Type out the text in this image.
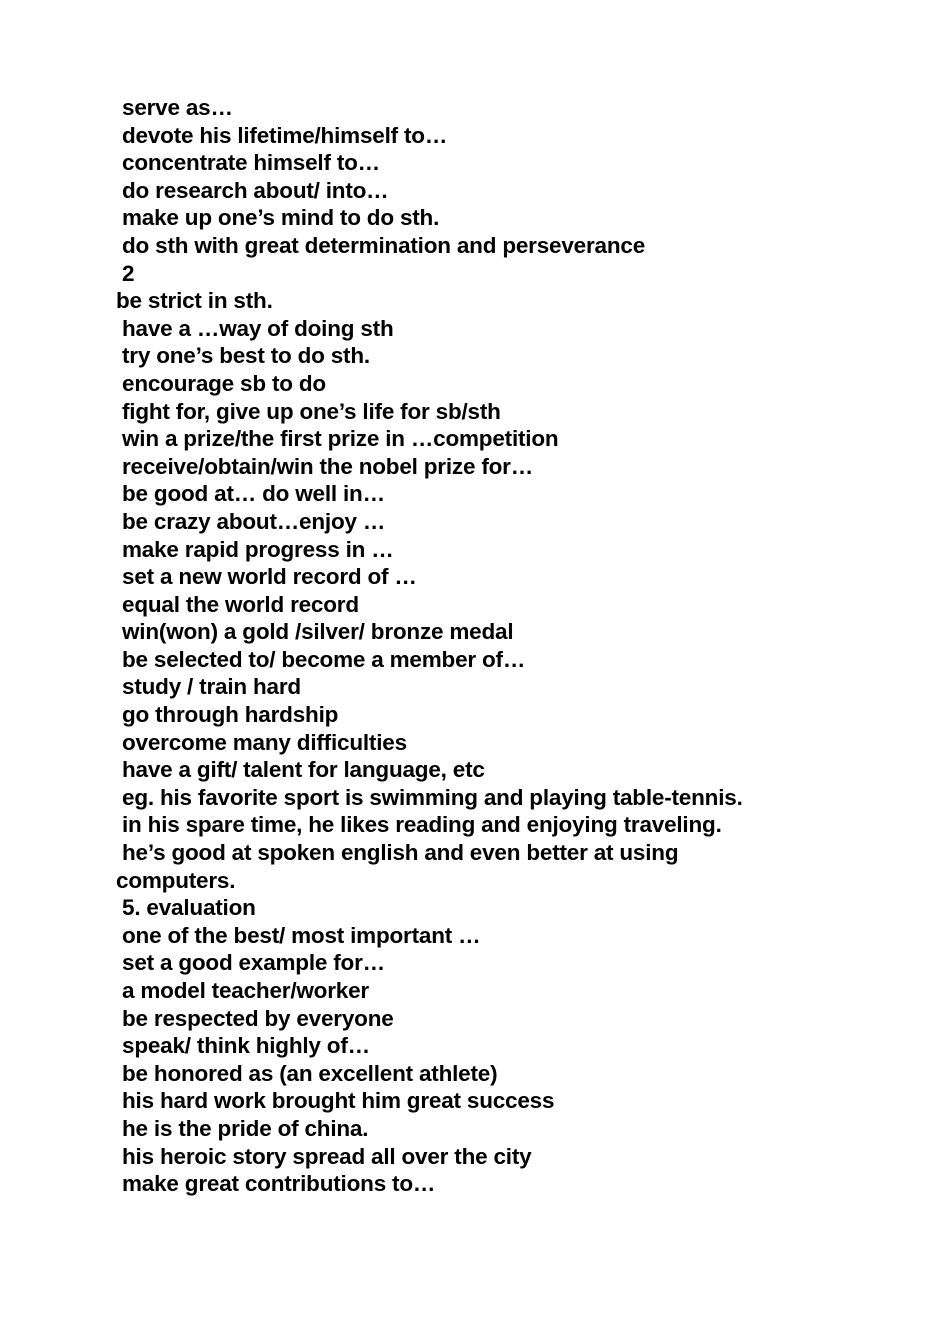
serve as…
devote his lifetime/himself to…
concentrate himself to…
do research about/ into…
make up one’s mind to do sth.
do sth with great determination and perseverance
2
be strict in sth.
have a …way of doing sth
try one’s best to do sth.
encourage sb to do
fight for, give up one’s life for sb/sth
win a prize/the first prize in …competition
receive/obtain/win the nobel prize for…
be good at… do well in…
be crazy about…enjoy …
make rapid progress in …
set a new world record of …
equal the world record
win(won) a gold /silver/ bronze medal
be selected to/ become a member of…
study / train hard
go through hardship
overcome many difficulties
have a gift/ talent for language, etc
eg. his favorite sport is swimming and playing table-tennis.
in his spare time, he likes reading and enjoying traveling.
he’s good at spoken english and even better at using
computers.
5. evaluation
one of the best/ most important …
set a good example for…
a model teacher/worker
be respected by everyone
speak/ think highly of…
be honored as (an excellent athlete)
his hard work brought him great success
he is the pride of china.
his heroic story spread all over the city
make great contributions to…
